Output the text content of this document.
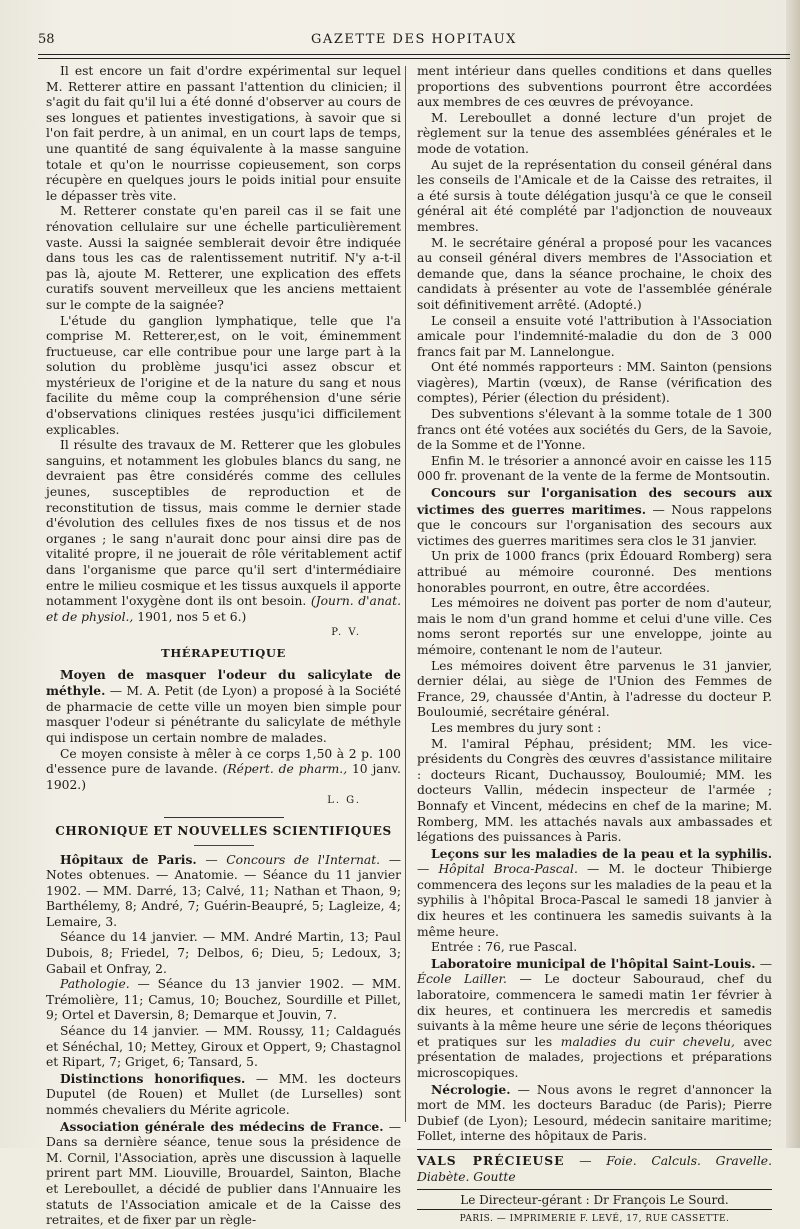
58	GAZETTE DES HOPITAUX

Il est encore un fait d'ordre expérimental sur lequel M. Retterer attire en passant l'attention du clinicien; il s'agit du fait qu'il lui a été donné d'observer au cours de ses longues et patientes investigations, à savoir que si l'on fait perdre, à un animal, en un court laps de temps, une quantité de sang équivalente à la masse sanguine totale et qu'on le nourrisse copieusement, son corps récupère en quelques jours le poids initial pour ensuite le dépasser très vite.

M. Retterer constate qu'en pareil cas il se fait une rénovation cellulaire sur une échelle particulièrement vaste. Aussi la saignée semblerait devoir être indiquée dans tous les cas de ralentissement nutritif. N'y a-t-il pas là, ajoute M. Retterer, une explication des effets curatifs souvent merveilleux que les anciens mettaient sur le compte de la saignée?

L'étude du ganglion lymphatique, telle que l'a comprise M. Retterer,est, on le voit, éminemment fructueuse, car elle contribue pour une large part à la solution du problème jusqu'ici assez obscur et mystérieux de l'origine et de la nature du sang et nous facilite du même coup la compréhension d'une série d'observations cliniques restées jusqu'ici difficilement explicables.

Il résulte des travaux de M. Retterer que les globules sanguins, et notamment les globules blancs du sang, ne devraient pas être considérés comme des cellules jeunes, susceptibles de reproduction et de reconstitution de tissus, mais comme le dernier stade d'évolution des cellules fixes de nos tissus et de nos organes ; le sang n'aurait donc pour ainsi dire pas de vitalité propre, il ne jouerait de rôle véritablement actif dans l'organisme que parce qu'il sert d'intermédiaire entre le milieu cosmique et les tissus auxquels il apporte notamment l'oxygène dont ils ont besoin. (Journ. d'anat. et de physiol., 1901, nos 5 et 6.)

P. V.
THÉRAPEUTIQUE

Moyen de masquer l'odeur du salicylate de méthyle. — M. A. Petit (de Lyon) a proposé à la Société de pharmacie de cette ville un moyen bien simple pour masquer l'odeur si pénétrante du salicylate de méthyle qui indispose un certain nombre de malades.

Ce moyen consiste à mêler à ce corps 1,50 à 2 p. 100 d'essence pure de lavande. (Répert. de pharm., 10 janv. 1902.)

L. G.
CHRONIQUE ET NOUVELLES SCIENTIFIQUES

Hôpitaux de Paris. — Concours de l'Internat. — Notes obtenues. — Anatomie. — Séance du 11 janvier 1902. — MM. Darré, 13; Calvé, 11; Nathan et Thaon, 9; Barthélemy, 8; André, 7; Guérin-Beaupré, 5; Lagleize, 4; Lemaire, 3.

Séance du 14 janvier. — MM. André Martin, 13; Paul Dubois, 8; Friedel, 7; Delbos, 6; Dieu, 5; Ledoux, 3; Gabail et Onfray, 2.

Pathologie. — Séance du 13 janvier 1902. — MM. Trémolière, 11; Camus, 10; Bouchez, Sourdille et Pillet, 9; Ortel et Daversin, 8; Demarque et Jouvin, 7.

Séance du 14 janvier. — MM. Roussy, 11; Caldagués et Sénéchal, 10; Mettey, Giroux et Oppert, 9; Chastagnol et Ripart, 7; Griget, 6; Tansard, 5.

Distinctions honorifiques. — MM. les docteurs Duputel (de Rouen) et Mullet (de Lurselles) sont nommés chevaliers du Mérite agricole.

Association générale des médecins de France. — Dans sa dernière séance, tenue sous la présidence de M. Cornil, l'Association, après une discussion à laquelle prirent part MM. Liouville, Brouardel, Sainton, Blache et Lereboullet, a décidé de publier dans l'Annuaire les statuts de l'Association amicale et de la Caisse des retraites, et de fixer par un règle-

ment intérieur dans quelles conditions et dans quelles proportions des subventions pourront être accordées aux membres de ces œuvres de prévoyance.

M. Lereboullet a donné lecture d'un projet de règlement sur la tenue des assemblées générales et le mode de votation.

Au sujet de la représentation du conseil général dans les conseils de l'Amicale et de la Caisse des retraites, il a été sursis à toute délégation jusqu'à ce que le conseil général ait été complété par l'adjonction de nouveaux membres.

M. le secrétaire général a proposé pour les vacances au conseil général divers membres de l'Association et demande que, dans la séance prochaine, le choix des candidats à présenter au vote de l'assemblée générale soit définitivement arrêté. (Adopté.)

Le conseil a ensuite voté l'attribution à l'Association amicale pour l'indemnité-maladie du don de 3 000 francs fait par M. Lannelongue.

Ont été nommés rapporteurs : MM. Sainton (pensions viagères), Martin (vœux), de Ranse (vérification des comptes), Périer (élection du président).

Des subventions s'élevant à la somme totale de 1 300 francs ont été votées aux sociétés du Gers, de la Savoie, de la Somme et de l'Yonne.

Enfin M. le trésorier a annoncé avoir en caisse les 115 000 fr. provenant de la vente de la ferme de Montsoutin.

Concours sur l'organisation des secours aux victimes des guerres maritimes. — Nous rappelons que le concours sur l'organisation des secours aux victimes des guerres maritimes sera clos le 31 janvier.

Un prix de 1000 francs (prix Édouard Romberg) sera attribué au mémoire couronné. Des mentions honorables pourront, en outre, être accordées.

Les mémoires ne doivent pas porter de nom d'auteur, mais le nom d'un grand homme et celui d'une ville. Ces noms seront reportés sur une enveloppe, jointe au mémoire, contenant le nom de l'auteur.

Les mémoires doivent être parvenus le 31 janvier, dernier délai, au siège de l'Union des Femmes de France, 29, chaussée d'Antin, à l'adresse du docteur P. Bouloumié, secrétaire général.

Les membres du jury sont :

M. l'amiral Péphau, président; MM. les vice-présidents du Congrès des œuvres d'assistance militaire : docteurs Ricant, Duchaussoy, Bouloumié; MM. les docteurs Vallin, médecin inspecteur de l'armée ; Bonnafy et Vincent, médecins en chef de la marine; M. Romberg, MM. les attachés navals aux ambassades et légations des puissances à Paris.

Leçons sur les maladies de la peau et la syphilis. — Hôpital Broca-Pascal. — M. le docteur Thibierge commencera des leçons sur les maladies de la peau et la syphilis à l'hôpital Broca-Pascal le samedi 18 janvier à dix heures et les continuera les samedis suivants à la même heure.

Entrée : 76, rue Pascal.

Laboratoire municipal de l'hôpital Saint-Louis. — École Lailler. — Le docteur Sabouraud, chef du laboratoire, commencera le samedi matin 1er février à dix heures, et continuera les mercredis et samedis suivants à la même heure une série de leçons théoriques et pratiques sur les maladies du cuir chevelu, avec présentation de malades, projections et préparations microscopiques.

Nécrologie. — Nous avons le regret d'annoncer la mort de MM. les docteurs Baraduc (de Paris); Pierre Dubief (de Lyon); Lesourd, médecin sanitaire maritime; Follet, interne des hôpitaux de Paris.

VALS PRÉCIEUSE — Foie. Calculs. Gravelle. Diabète. Goutte

Le Directeur-gérant : Dr François Le Sourd.
PARIS. — IMPRIMERIE F. LEVÉ, 17, RUE CASSETTE.
